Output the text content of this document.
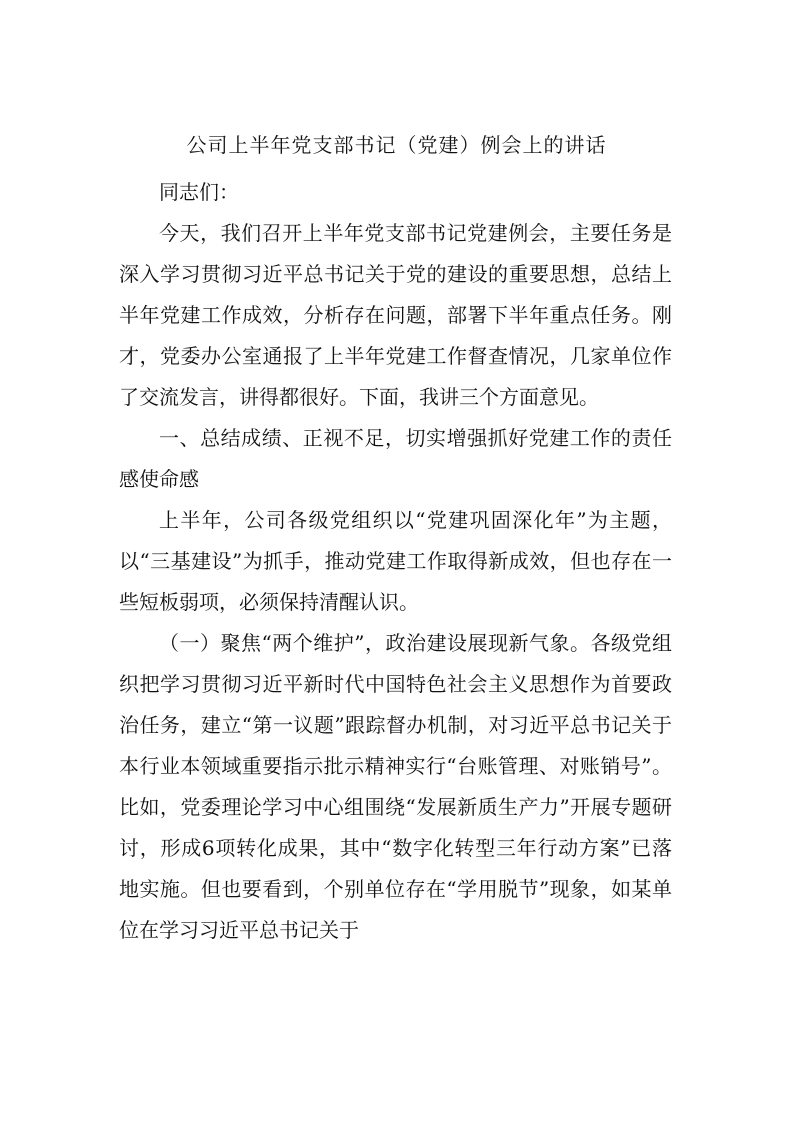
公司上半年党支部书记（党建）例会上的讲话

同志们：

今天，我们召开上半年党支部书记党建例会，主要任务是深入学习贯彻习近平总书记关于党的建设的重要思想，总结上半年党建工作成效，分析存在问题，部署下半年重点任务。刚才，党委办公室通报了上半年党建工作督查情况，几家单位作了交流发言，讲得都很好。下面，我讲三个方面意见。

一、总结成绩、正视不足，切实增强抓好党建工作的责任感使命感

上半年，公司各级党组织以“党建巩固深化年”为主题，以“三基建设”为抓手，推动党建工作取得新成效，但也存在一些短板弱项，必须保持清醒认识。

（一）聚焦“两个维护”，政治建设展现新气象。各级党组织把学习贯彻习近平新时代中国特色社会主义思想作为首要政治任务，建立“第一议题”跟踪督办机制，对习近平总书记关于本行业本领域重要指示批示精神实行“台账管理、对账销号”。比如，党委理论学习中心组围绕“发展新质生产力”开展专题研讨，形成6项转化成果，其中“数字化转型三年行动方案”已落地实施。但也要看到，个别单位存在“学用脱节”现象，如某单位在学习习近平总书记关于
